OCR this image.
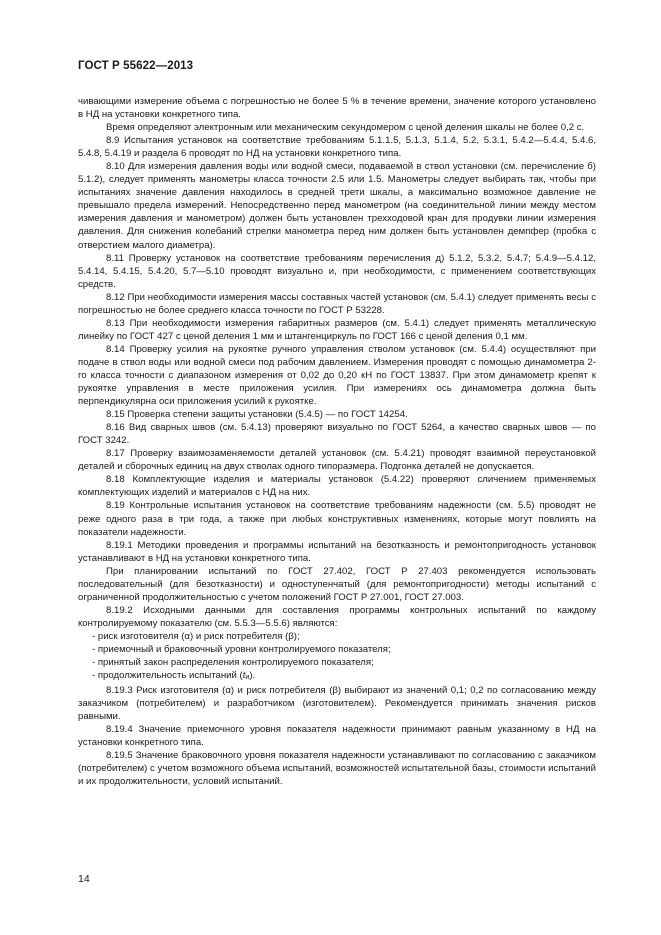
ГОСТ Р 55622—2013

чивающими измерение объема с погрешностью не более 5 % в течение времени, значение которого установлено в НД на установки конкретного типа.

Время определяют электронным или механическим секундомером с ценой деления шкалы не более 0,2 с.

8.9 Испытания установок на соответствие требованиям 5.1.1.5, 5.1.3, 5.1.4, 5.2, 5.3.1, 5.4.2—5.4.4, 5.4.6, 5.4.8, 5.4.19 и раздела 6 проводят по НД на установки конкретного типа.

8.10 Для измерения давления воды или водной смеси, подаваемой в ствол установки (см. перечисление б) 5.1.2), следует применять манометры класса точности 2.5 или 1.5. Манометры следует выбирать так, чтобы при испытаниях значение давления находилось в средней трети шкалы, а максимально возможное давление не превышало предела измерений. Непосредственно перед манометром (на соединительной линии между местом измерения давления и манометром) должен быть установлен трехходовой кран для продувки линии измерения давления. Для снижения колебаний стрелки манометра перед ним должен быть установлен демпфер (пробка с отверстием малого диаметра).

8.11 Проверку установок на соответствие требованиям перечисления д) 5.1.2, 5.3.2, 5.4.7; 5.4.9—5.4.12, 5.4.14, 5.4.15, 5.4.20, 5.7—5.10 проводят визуально и, при необходимости, с применением соответствующих средств.

8.12 При необходимости измерения массы составных частей установок (см. 5.4.1) следует применять весы с погрешностью не более среднего класса точности по ГОСТ Р 53228.

8.13 При необходимости измерения габаритных размеров (см. 5.4.1) следует применять металлическую линейку по ГОСТ 427 с ценой деления 1 мм и штангенциркуль по ГОСТ 166 с ценой деления 0,1 мм.

8.14 Проверку усилия на рукоятке ручного управления стволом установок (см. 5.4.4) осуществляют при подаче в ствол воды или водной смеси под рабочим давлением. Измерения проводят с помощью динамометра 2-го класса точности с диапазоном измерения от 0,02 до 0,20 кН по ГОСТ 13837. При этом динамометр крепят к рукоятке управления в месте приложения усилия. При измерениях ось динамометра должна быть перпендикулярна оси приложения усилий к рукоятке.

8.15 Проверка степени защиты установки (5.4.5) — по ГОСТ 14254.

8.16 Вид сварных швов (см. 5.4.13) проверяют визуально по ГОСТ 5264, а качество сварных швов — по ГОСТ 3242.

8.17 Проверку взаимозаменяемости деталей установок (см. 5.4.21) проводят взаимной переустановкой деталей и сборочных единиц на двух стволах одного типоразмера. Подгонка деталей не допускается.

8.18 Комплектующие изделия и материалы установок (5.4.22) проверяют сличением применяемых комплектующих изделий и материалов с НД на них.

8.19 Контрольные испытания установок на соответствие требованиям надежности (см. 5.5) проводят не реже одного раза в три года, а также при любых конструктивных изменениях, которые могут повлиять на показатели надежности.

8.19.1 Методики проведения и программы испытаний на безотказность и ремонтопригодность установок устанавливают в НД на установки конкретного типа.

При планировании испытаний по ГОСТ 27.402, ГОСТ Р 27.403 рекомендуется использовать последовательный (для безотказности) и одноступенчатый (для ремонтопригодности) методы испытаний с ограниченной продолжительностью с учетом положений ГОСТ Р 27.001, ГОСТ 27.003.

8.19.2 Исходными данными для составления программы контрольных испытаний по каждому контролируемому показателю (см. 5.5.3—5.5.6) являются:

- риск изготовителя (α) и риск потребителя (β);

- приемочный и браковочный уровни контролируемого показателя;

- принятый закон распределения контролируемого показателя;

- продолжительность испытаний (tи).

8.19.3 Риск изготовителя (α) и риск потребителя (β) выбирают из значений 0,1; 0,2 по согласованию между заказчиком (потребителем) и разработчиком (изготовителем). Рекомендуется принимать значения рисков равными.

8.19.4 Значение приемочного уровня показателя надежности принимают равным указанному в НД на установки конкретного типа.

8.19.5 Значение браковочного уровня показателя надежности устанавливают по согласованию с заказчиком (потребителем) с учетом возможного объема испытаний, возможностей испытательной базы, стоимости испытаний и их продолжительности, условий испытаний.

14
